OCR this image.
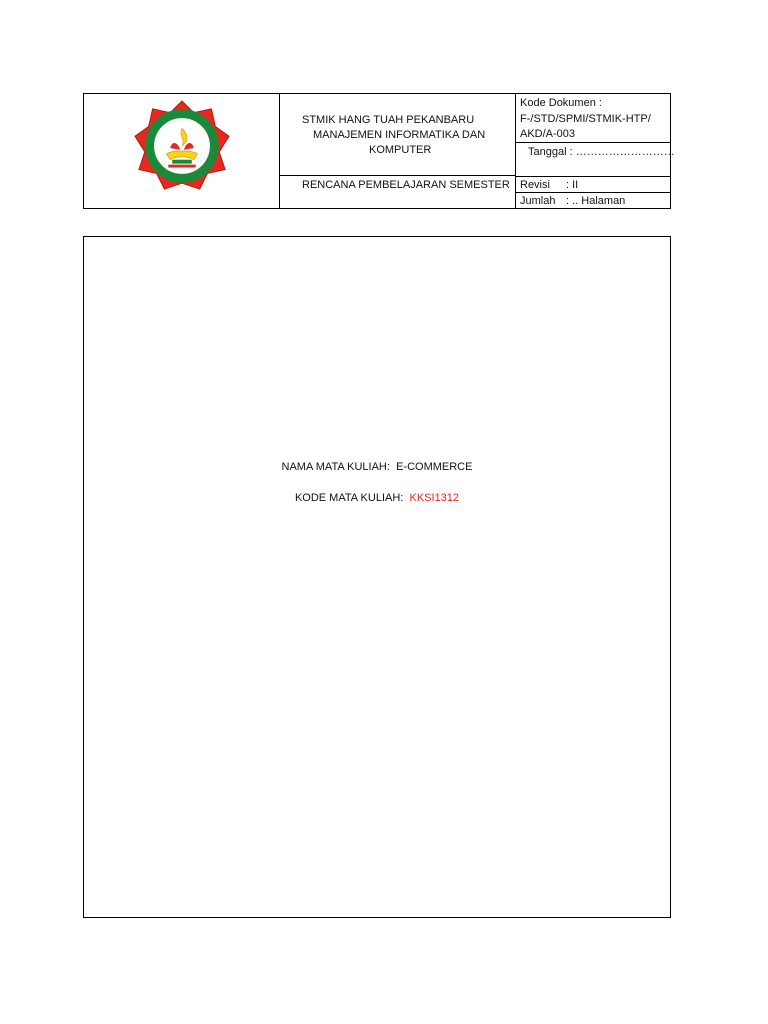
STMIK HANG TUAH PEKANBARU
MANAJEMEN INFORMATIKA DAN
KOMPUTER
RENCANA PEMBELAJARAN SEMESTER
Kode Dokumen :
F-/STD/SPMI/STMIK-HTP/
AKD/A-003
Tanggal : ………………………
Revisi : II
Jumlah : .. Halaman
NAMA MATA KULIAH: E-COMMERCE
KODE MATA KULIAH: KKSI1312
